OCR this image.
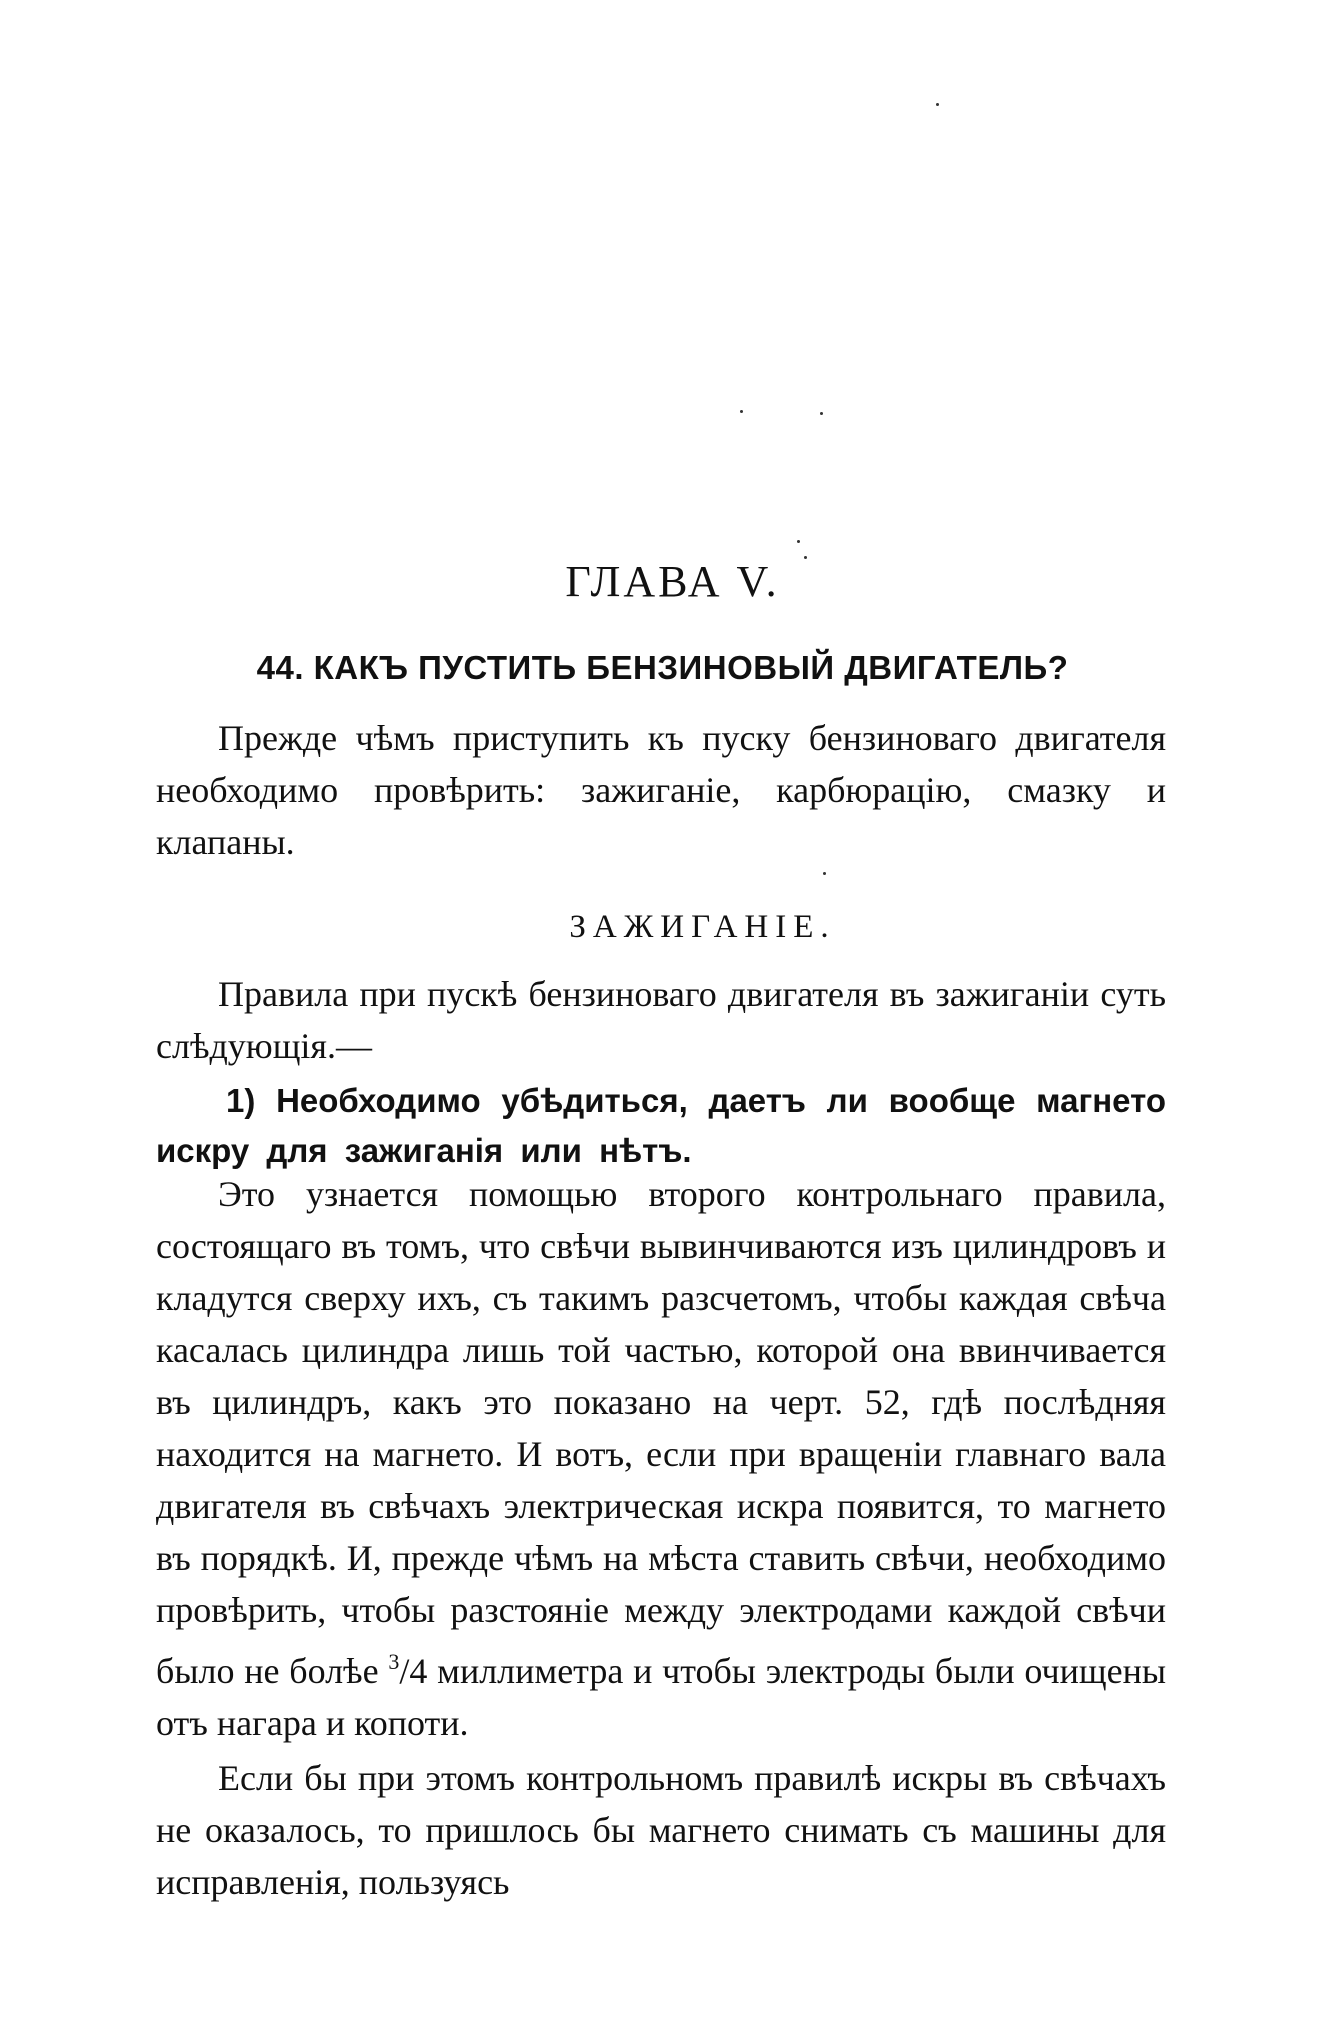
ГЛАВА V.
44. КАКЪ ПУСТИТЬ БЕНЗИНОВЫЙ ДВИГАТЕЛЬ?

Прежде чѣмъ приступить къ пуску бензиноваго двигателя необходимо провѣрить: зажиганіе, карбюрацію, смазку и клапаны.

ЗАЖИГАНІЕ.

Правила при пускѣ бензиноваго двигателя въ зажиганіи суть слѣдующія.—

1) Необходимо убѣдиться, даетъ ли вообще магнето искру для зажиганія или нѣтъ.

Это узнается помощью второго контрольнаго правила, состоящаго въ томъ, что свѣчи вывинчиваются изъ цилиндровъ и кладутся сверху ихъ, съ такимъ разсчетомъ, чтобы каждая свѣча касалась цилиндра лишь той частью, которой она ввинчивается въ цилиндръ, какъ это показано на черт. 52, гдѣ послѣдняя находится на магнето. И вотъ, если при вращеніи главнаго вала двигателя въ свѣчахъ электрическая искра появится, то магнето въ порядкѣ. И, прежде чѣмъ на мѣста ставить свѣчи, необходимо провѣрить, чтобы разстояніе между электродами каждой свѣчи было не болѣе $^3$/4 миллиметра и чтобы электроды были очищены отъ нагара и копоти.

Если бы при этомъ контрольномъ правилѣ искры въ свѣчахъ не оказалось, то пришлось бы магнето снимать съ машины для исправленія, пользуясь
